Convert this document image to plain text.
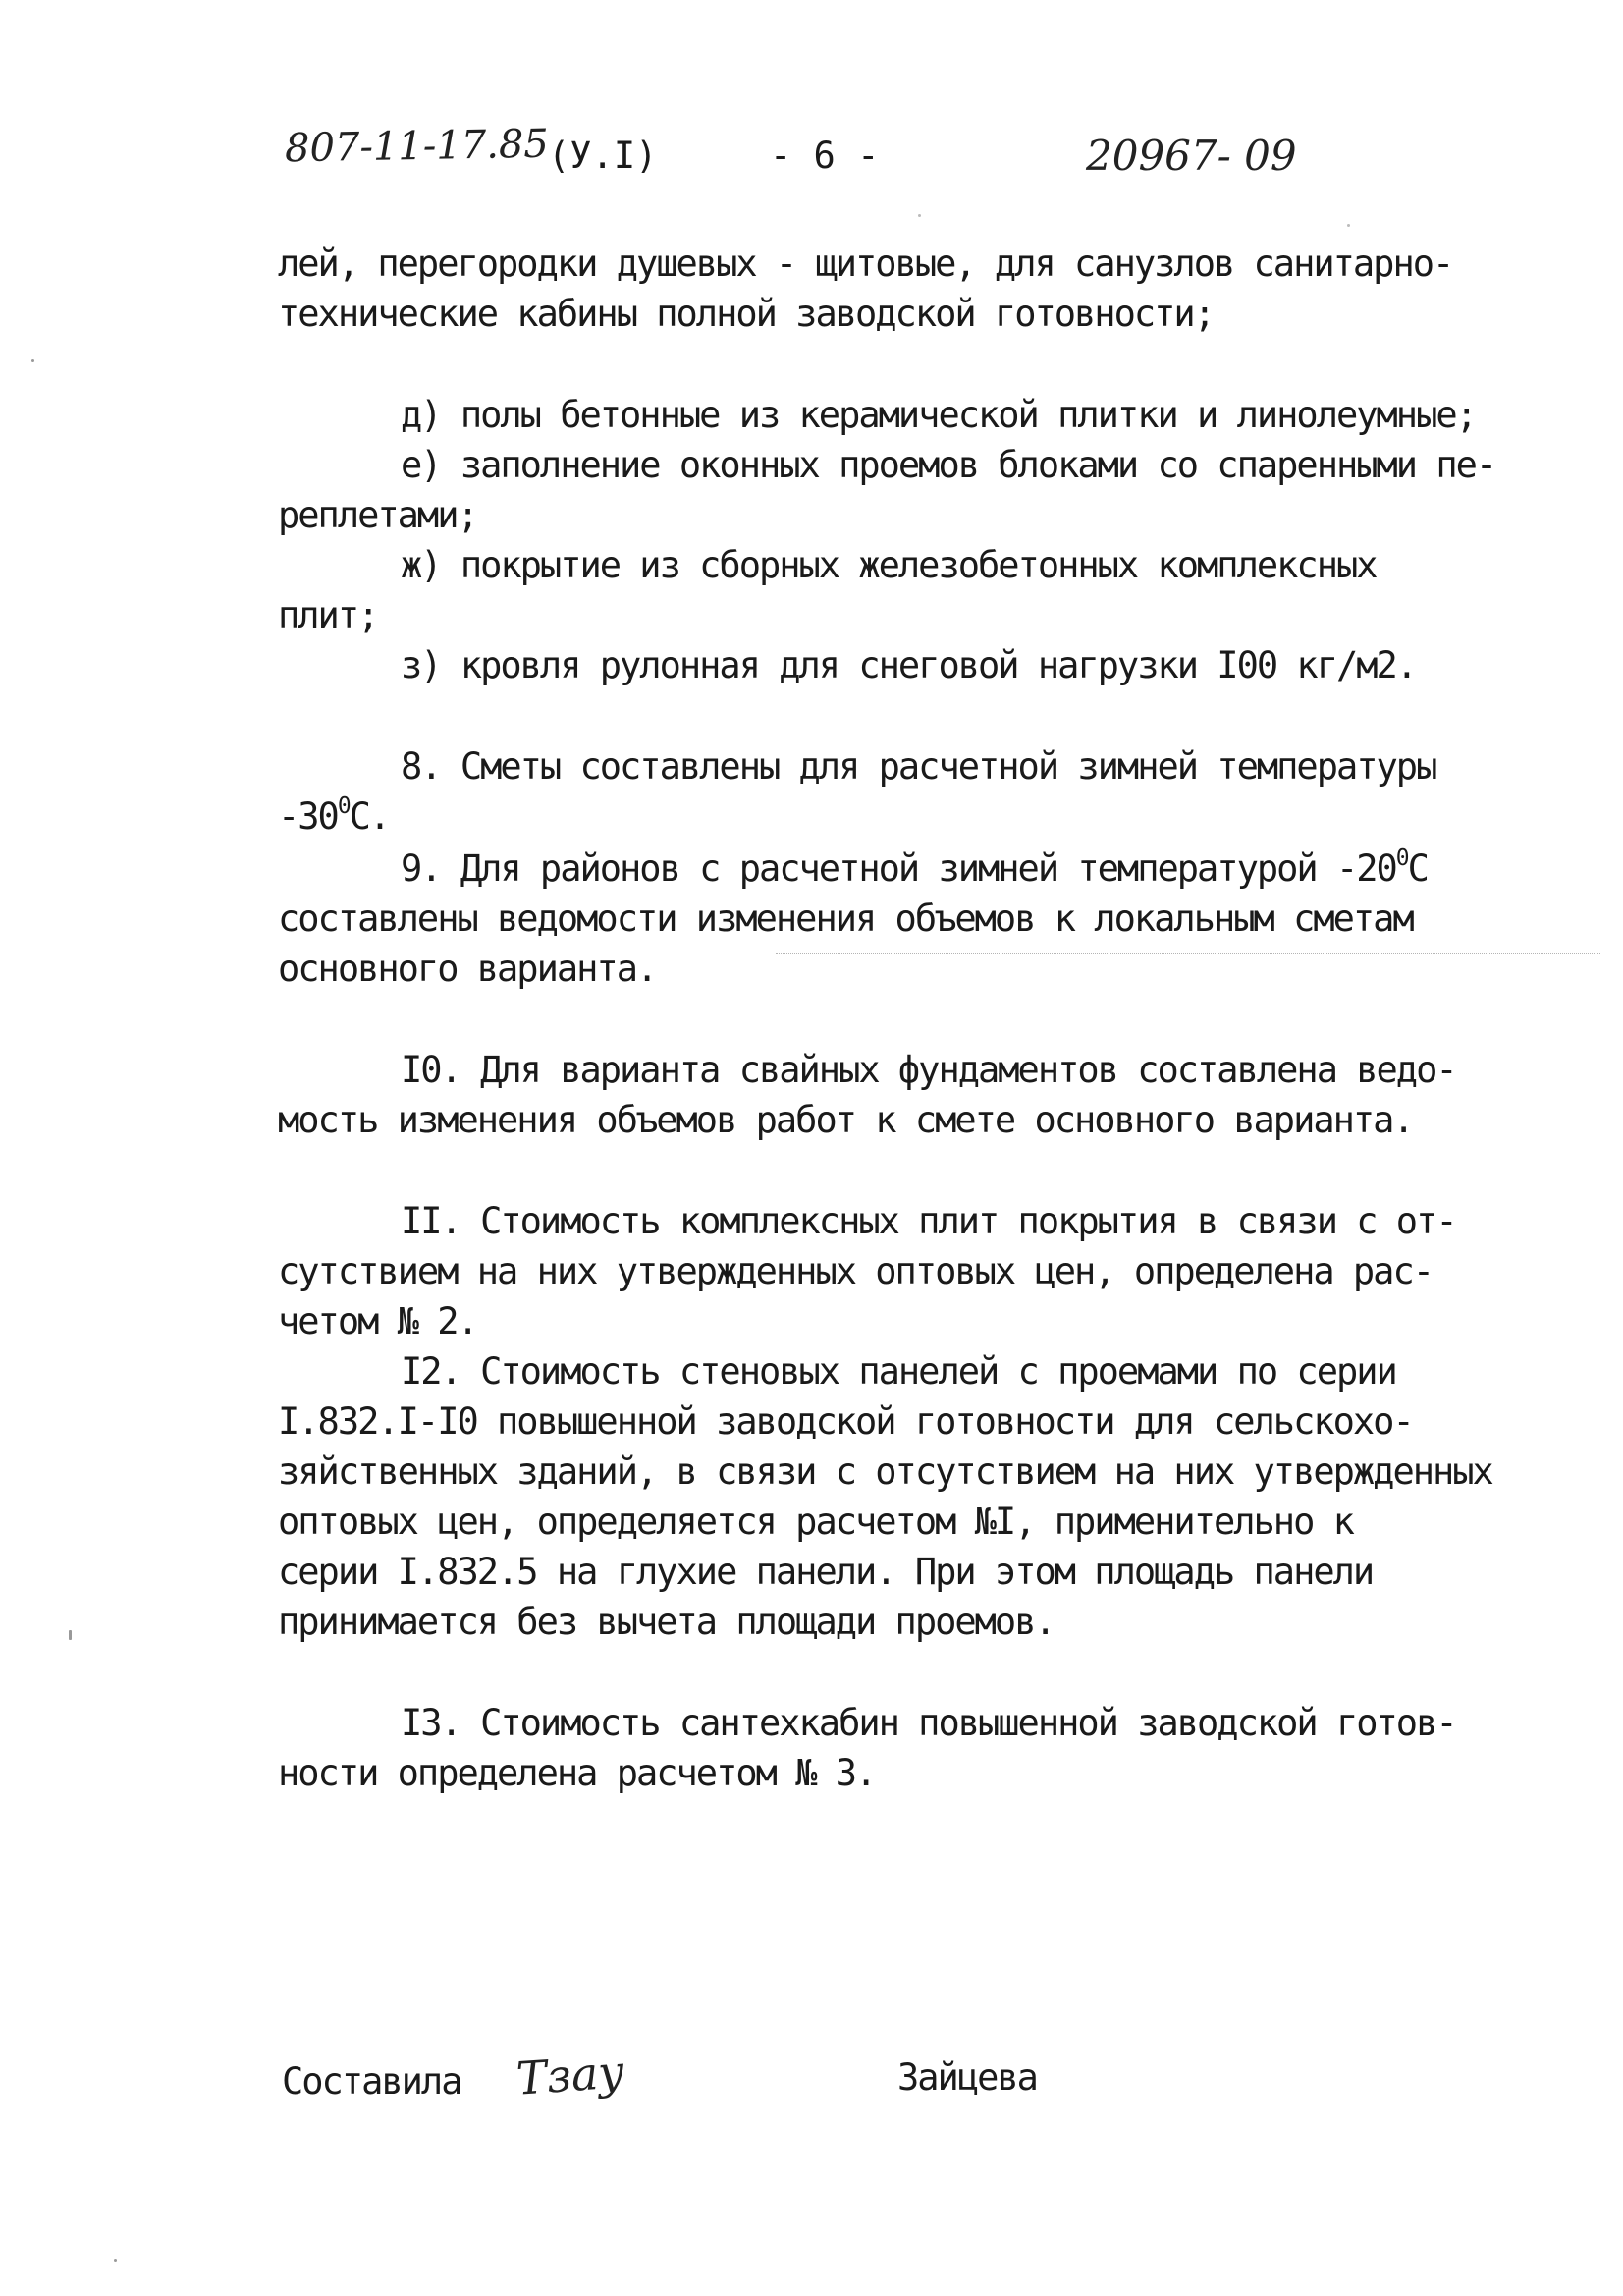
807-11-17.85
(У.I)	- 6 -	20967- 09
лей, перегородки душевых - щитовые, для санузлов санитарно-
технические кабины полной заводской готовности;
д) полы бетонные из керамической плитки и линолеумные;
е) заполнение оконных проемов блоками со спаренными пе-
реплетами;
ж) покрытие из сборных железобетонных комплексных
плит;
з) кровля рулонная для снеговой нагрузки I00 кг/м2.
8. Сметы составлены для расчетной зимней температуры
$-30^0С$.
9. Для районов с расчетной зимней температурой $-20^0С$
составлены ведомости изменения объемов к локальным сметам
основного варианта.
I0. Для варианта свайных фундаментов составлена ведо-
мость изменения объемов работ к смете основного варианта.
II. Стоимость комплексных плит покрытия в связи с от-
сутствием на них утвержденных оптовых цен, определена рас-
четом № 2.
I2. Стоимость стеновых панелей с проемами по серии
I.832.I-I0 повышенной заводской готовности для сельскохо-
зяйственных зданий, в связи с отсутствием на них утвержденных
оптовых цен, определяется расчетом №I, применительно к
серии I.832.5 на глухие панели. При этом площадь панели
принимается без вычета площади проемов.
I3. Стоимость сантехкабин повышенной заводской готов-
ности определена расчетом № 3.
Составила Тзау	Зайцева
